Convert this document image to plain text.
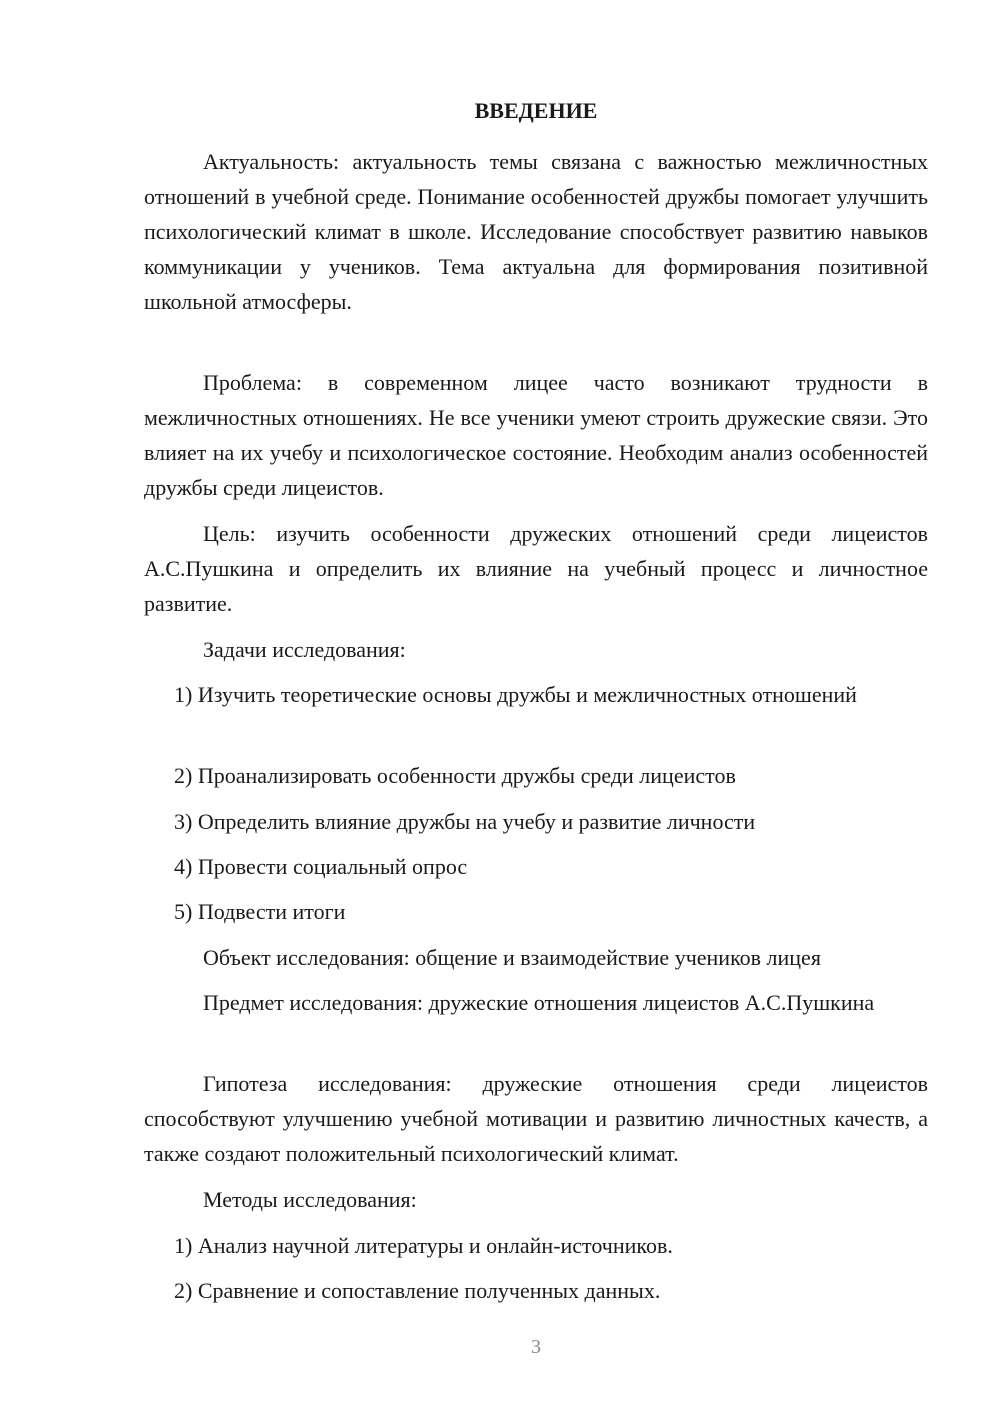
ВВЕДЕНИЕ

Актуальность: актуальность темы связана с важностью межличностных отношений в учебной среде. Понимание особенностей дружбы помогает улучшить психологический климат в школе. Исследование способствует развитию навыков коммуникации у учеников. Тема актуальна для формирования позитивной школьной атмосферы.

Проблема: в современном лицее часто возникают трудности в межличностных отношениях. Не все ученики умеют строить дружеские связи. Это влияет на их учебу и психологическое состояние. Необходим анализ особенностей дружбы среди лицеистов.

Цель: изучить особенности дружеских отношений среди лицеистов А.С.Пушкина и определить их влияние на учебный процесс и личностное развитие.

Задачи исследования:

1) Изучить теоретические основы дружбы и межличностных отношений

2) Проанализировать особенности дружбы среди лицеистов

3) Определить влияние дружбы на учебу и развитие личности

4) Провести социальный опрос

5) Подвести итоги

Объект исследования: общение и взаимодействие учеников лицея

Предмет исследования: дружеские отношения лицеистов А.С.Пушкина

Гипотеза исследования: дружеские отношения среди лицеистов способствуют улучшению учебной мотивации и развитию личностных качеств, а также создают положительный психологический климат.

Методы исследования:

1) Анализ научной литературы и онлайн-источников.

2) Сравнение и сопоставление полученных данных.

3
